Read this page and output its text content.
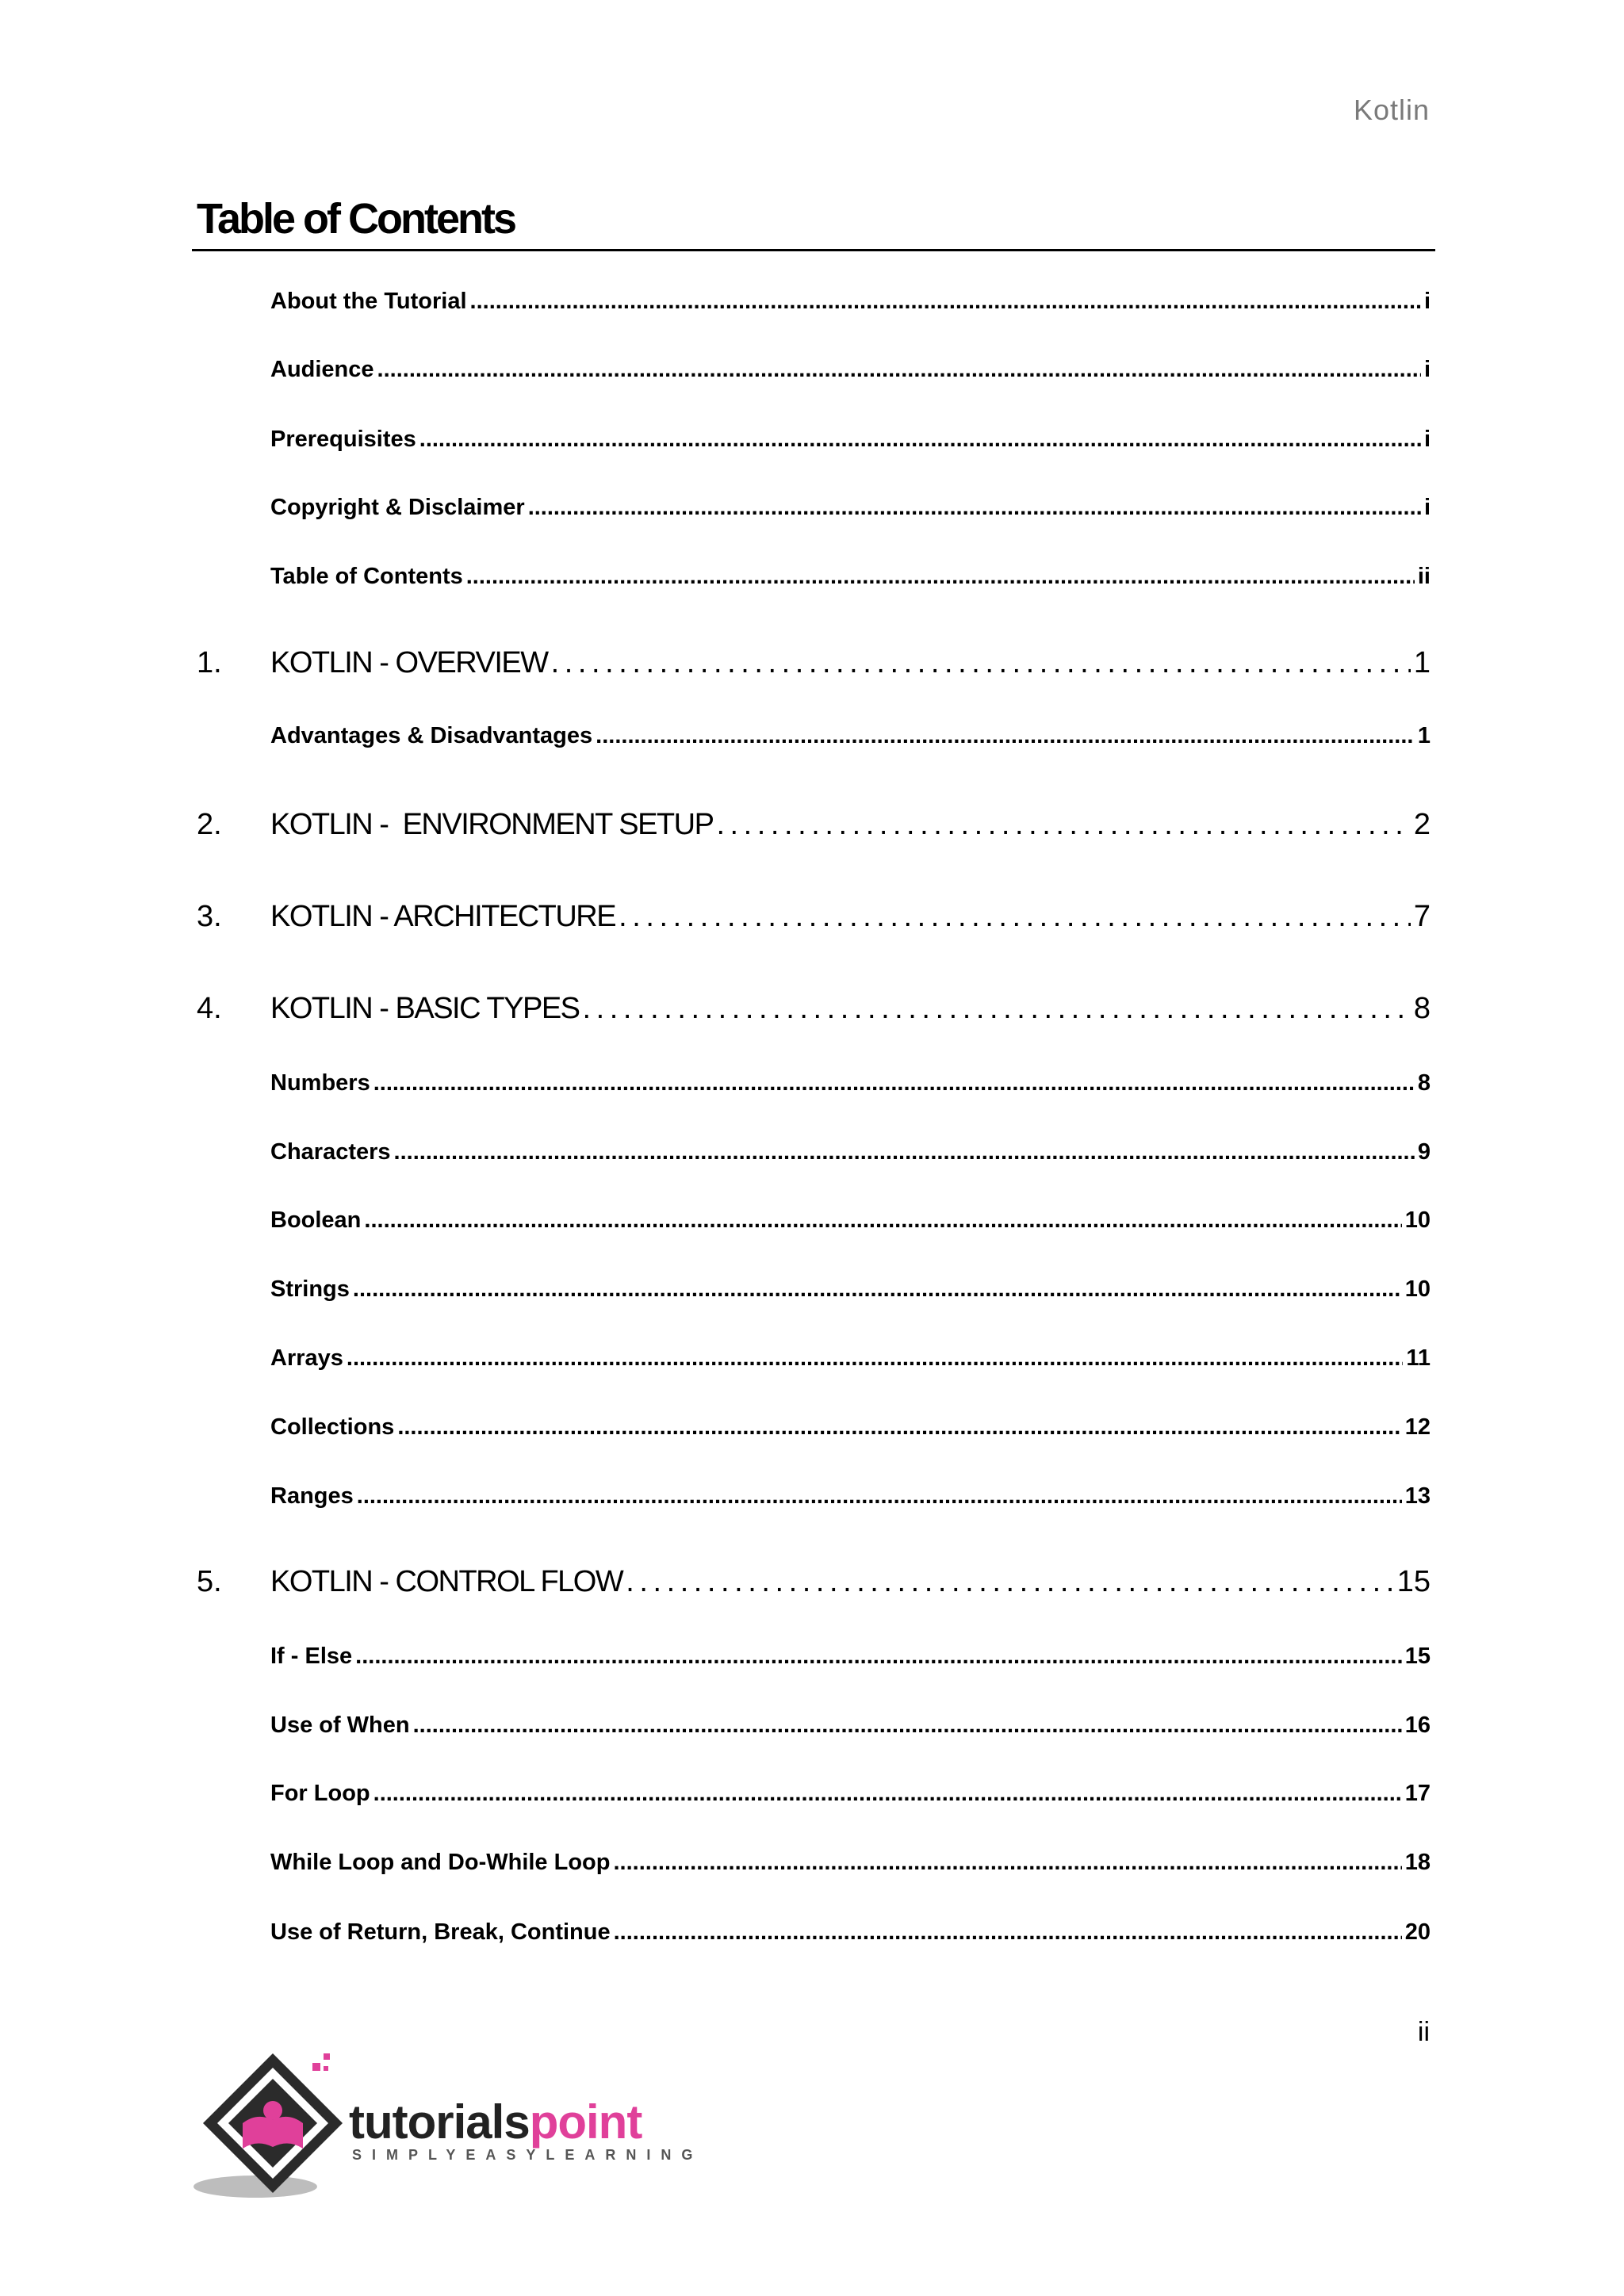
Kotlin
Table of Contents
About the Tutorial .....	i
Audience .....	i
Prerequisites .....	i
Copyright & Disclaimer .....	i
Table of Contents .....	ii
1.	KOTLIN - OVERVIEW . . .	1
Advantages & Disadvantages .....	1
2.	KOTLIN -  ENVIRONMENT SETUP . . .	2
3.	KOTLIN - ARCHITECTURE . . .	7
4.	KOTLIN - BASIC TYPES . . .	8
Numbers .....	8
Characters .....	9
Boolean .....	10
Strings .....	10
Arrays .....	11
Collections .....	12
Ranges .....	13
5.	KOTLIN - CONTROL FLOW . . .	15
If - Else .....	15
Use of When .....	16
For Loop .....	17
While Loop and Do-While Loop .....	18
Use of Return, Break, Continue .....	20
ii
tutorialspoint
SIMPLYEASYLEARNING
